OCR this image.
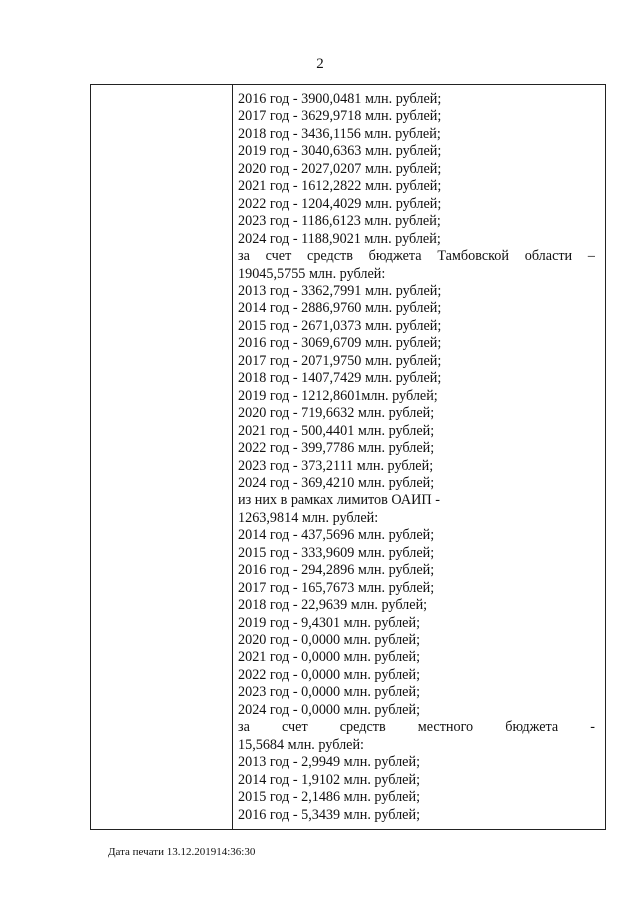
2
2016 год - 3900,0481 млн. рублей;
2017 год - 3629,9718 млн. рублей;
2018 год - 3436,1156 млн. рублей;
2019 год - 3040,6363 млн. рублей;
2020 год - 2027,0207 млн. рублей;
2021 год - 1612,2822 млн. рублей;
2022 год - 1204,4029 млн. рублей;
2023 год - 1186,6123 млн. рублей;
2024 год - 1188,9021 млн. рублей;
за счет средств бюджета Тамбовской области –
19045,5755 млн. рублей:
2013 год - 3362,7991 млн. рублей;
2014 год - 2886,9760 млн. рублей;
2015 год - 2671,0373 млн. рублей;
2016 год - 3069,6709 млн. рублей;
2017 год - 2071,9750 млн. рублей;
2018 год - 1407,7429 млн. рублей;
2019 год - 1212,8601млн. рублей;
2020 год - 719,6632 млн. рублей;
2021 год - 500,4401 млн. рублей;
2022 год - 399,7786 млн. рублей;
2023 год - 373,2111 млн. рублей;
2024 год - 369,4210 млн. рублей;
из них в рамках лимитов ОАИП -
1263,9814 млн. рублей:
2014 год - 437,5696 млн. рублей;
2015 год - 333,9609 млн. рублей;
2016 год - 294,2896 млн. рублей;
2017 год - 165,7673 млн. рублей;
2018 год - 22,9639 млн. рублей;
2019 год - 9,4301 млн. рублей;
2020 год - 0,0000 млн. рублей;
2021 год - 0,0000 млн. рублей;
2022 год - 0,0000 млн. рублей;
2023 год - 0,0000 млн. рублей;
2024 год - 0,0000 млн. рублей;
за счет средств местного бюджета -
15,5684 млн. рублей:
2013 год - 2,9949 млн. рублей;
2014 год - 1,9102 млн. рублей;
2015 год - 2,1486 млн. рублей;
2016 год - 5,3439 млн. рублей;
Дата печати 13.12.201914:36:30
